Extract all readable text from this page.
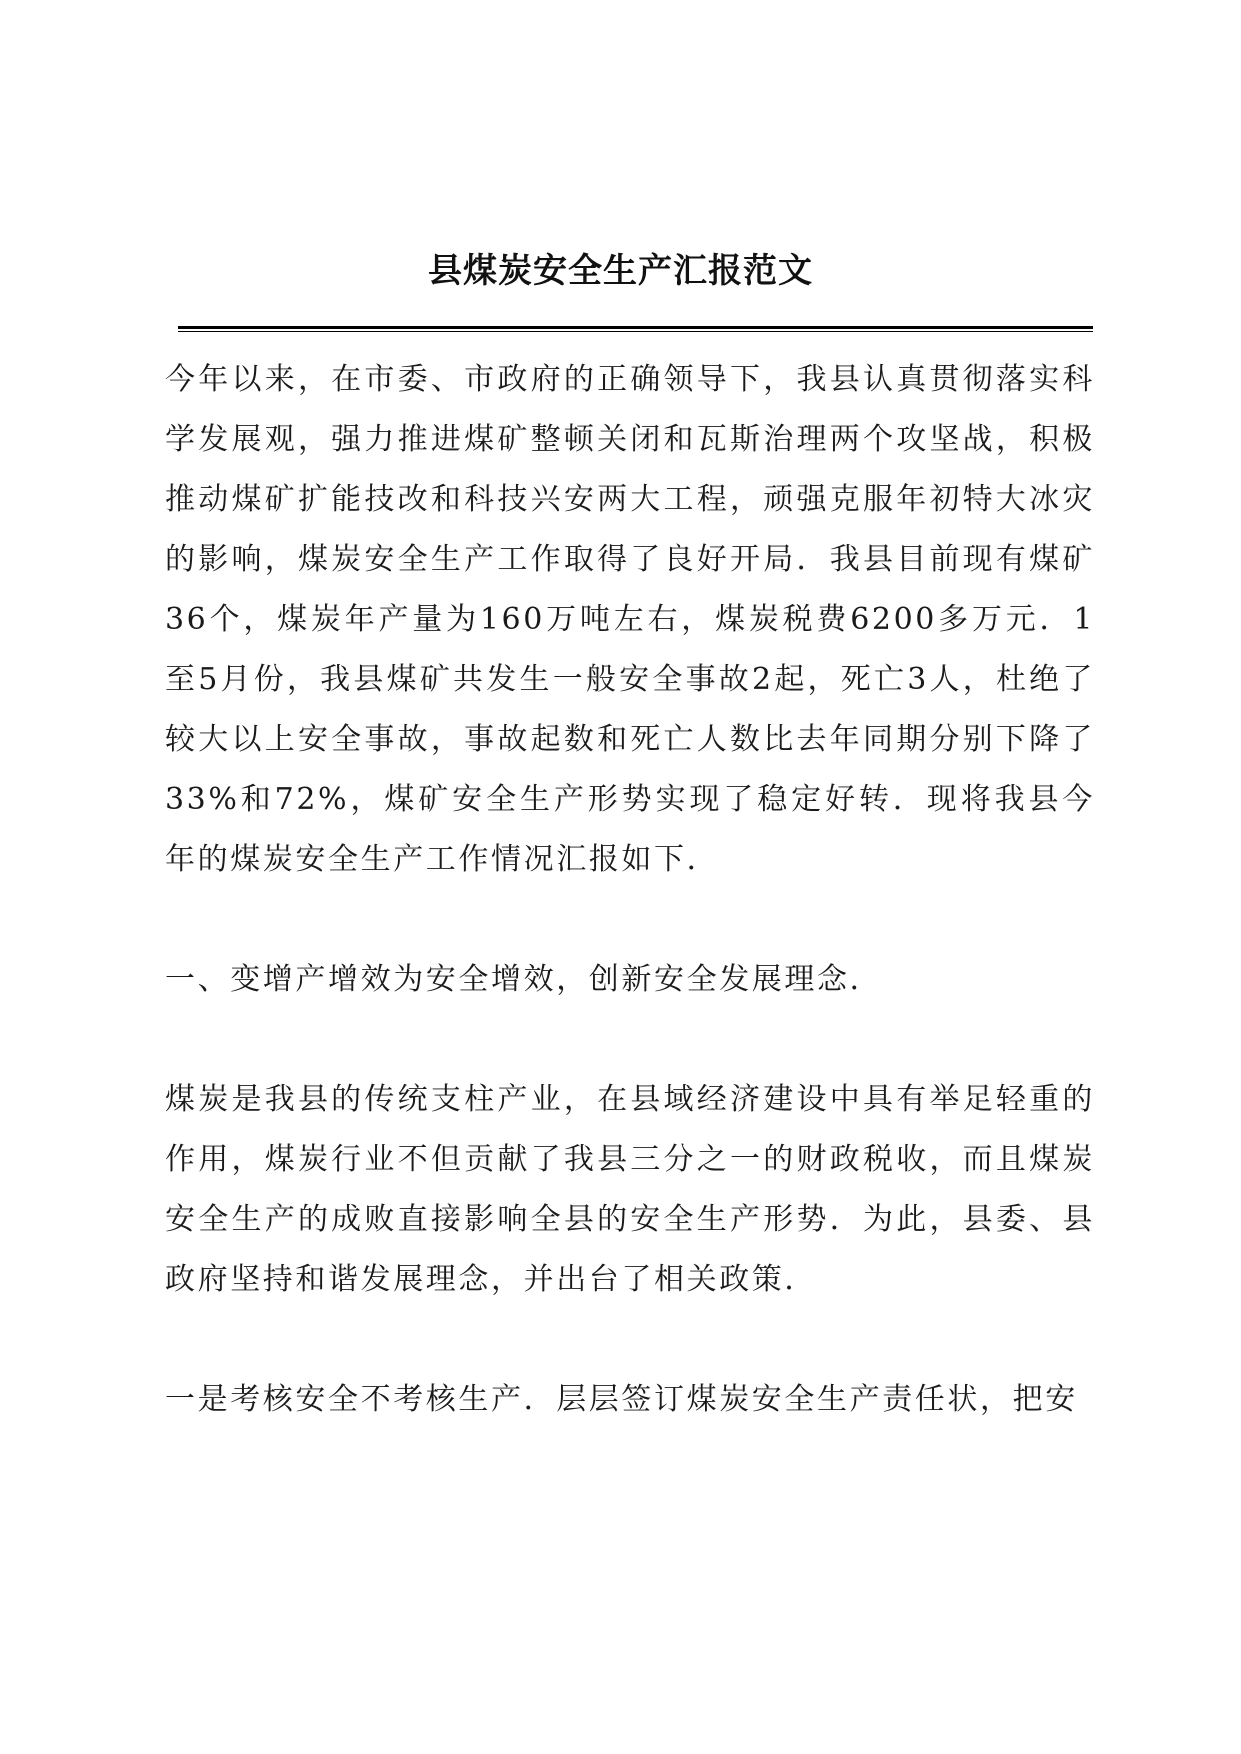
县煤炭安全生产汇报范文

今年以来，在市委、市政府的正确领导下，我县认真贯彻落实科学发展观，强力推进煤矿整顿关闭和瓦斯治理两个攻坚战，积极推动煤矿扩能技改和科技兴安两大工程，顽强克服年初特大冰灾的影响，煤炭安全生产工作取得了良好开局．我县目前现有煤矿36个，煤炭年产量为160万吨左右，煤炭税费6200多万元．1至5月份，我县煤矿共发生一般安全事故2起，死亡3人，杜绝了较大以上安全事故，事故起数和死亡人数比去年同期分别下降了33%和72%，煤矿安全生产形势实现了稳定好转．现将我县今年的煤炭安全生产工作情况汇报如下．

一、变增产增效为安全增效，创新安全发展理念．

煤炭是我县的传统支柱产业，在县域经济建设中具有举足轻重的作用，煤炭行业不但贡献了我县三分之一的财政税收，而且煤炭安全生产的成败直接影响全县的安全生产形势．为此，县委、县政府坚持和谐发展理念，并出台了相关政策．

一是考核安全不考核生产．层层签订煤炭安全生产责任状，把安
